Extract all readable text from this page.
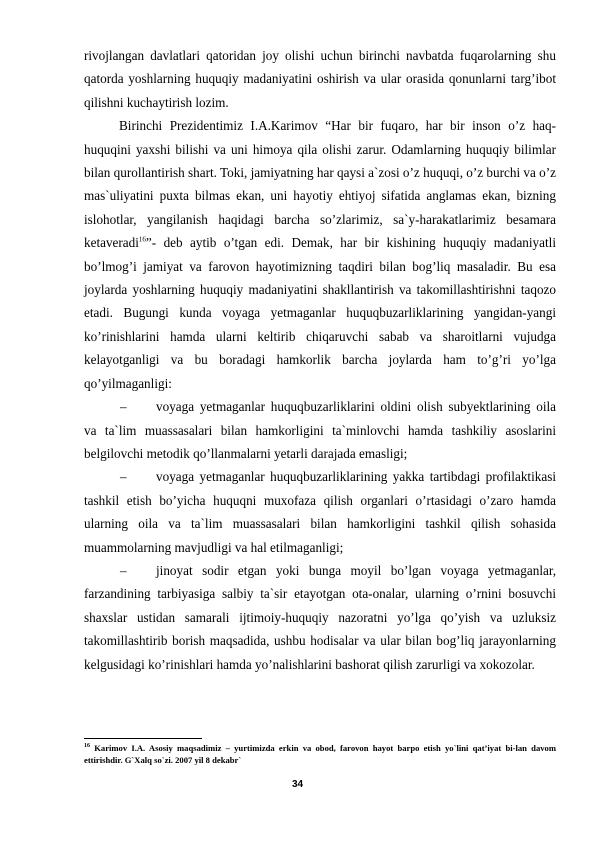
rivojlangan davlatlari qatoridan joy olishi uchun birinchi navbatda fuqarolarning shu qatorda yoshlarning huquqiy madaniyatini oshirish va ular orasida qonunlarni targ’ibot qilishni kuchaytirish lozim.

Birinchi Prezidentimiz I.A.Karimov “Har bir fuqaro, har bir inson o’z haq-huquqini yaxshi bilishi va uni himoya qila olishi zarur. Odamlarning huquqiy bilimlar bilan qurollantirish shart. Toki, jamiyatning har qaysi a`zosi o’z huquqi, o’z burchi va o’z mas`uliyatini puxta bilmas ekan, uni hayotiy ehtiyoj sifatida anglamas ekan, bizning islohotlar, yangilanish haqidagi barcha so’zlarimiz, sa`y-harakatlarimiz besamara ketaveradi$^{16}$”- deb aytib o’tgan edi. Demak, har bir kishining huquqiy madaniyatli bo’lmog’i jamiyat va farovon hayotimizning taqdiri bilan bog’liq masaladir. Bu esa joylarda yoshlarning huquqiy madaniyatini shakllantirish va takomillashtirishni taqozo etadi. Bugungi kunda voyaga yetmaganlar huquqbuzarliklarining yangidan-yangi ko’rinishlarini hamda ularni keltirib chiqaruvchi sabab va sharoitlarni vujudga kelayotganligi va bu boradagi hamkorlik barcha joylarda ham to’g’ri yo’lga qo’yilmaganligi:

– voyaga yetmaganlar huquqbuzarliklarini oldini olish subyektlarining oila va ta`lim muassasalari bilan hamkorligini ta`minlovchi hamda tashkiliy asoslarini belgilovchi metodik qo’llanmalarni yetarli darajada emasligi;

– voyaga yetmaganlar huquqbuzarliklarining yakka tartibdagi profilaktikasi tashkil etish bo’yicha huquqni muxofaza qilish organlari o’rtasidagi o’zaro hamda ularning oila va ta`lim muassasalari bilan hamkorligini tashkil qilish sohasida muammolarning mavjudligi va hal etilmaganligi;

– jinoyat sodir etgan yoki bunga moyil bo’lgan voyaga yetmaganlar, farzandining tarbiyasiga salbiy ta`sir etayotgan ota-onalar, ularning o’rnini bosuvchi shaxslar ustidan samarali ijtimoiy-huquqiy nazoratni yo’lga qo’yish va uzluksiz takomillashtirib borish maqsadida, ushbu hodisalar va ular bilan bog’liq jarayonlarning kelgusidagi ko’rinishlari hamda yo’nalishlarini bashorat qilish zarurligi va xokozolar.

$^{16}$ Karimov I.A. Asosiy maqsadimiz – yurtimizda erkin va obod, farovon hayot barpo etish yo`lini qat’iyat bi-lan davom ettirishdir. G`Xalq so`zi. 2007 yil 8 dekabr`
34
